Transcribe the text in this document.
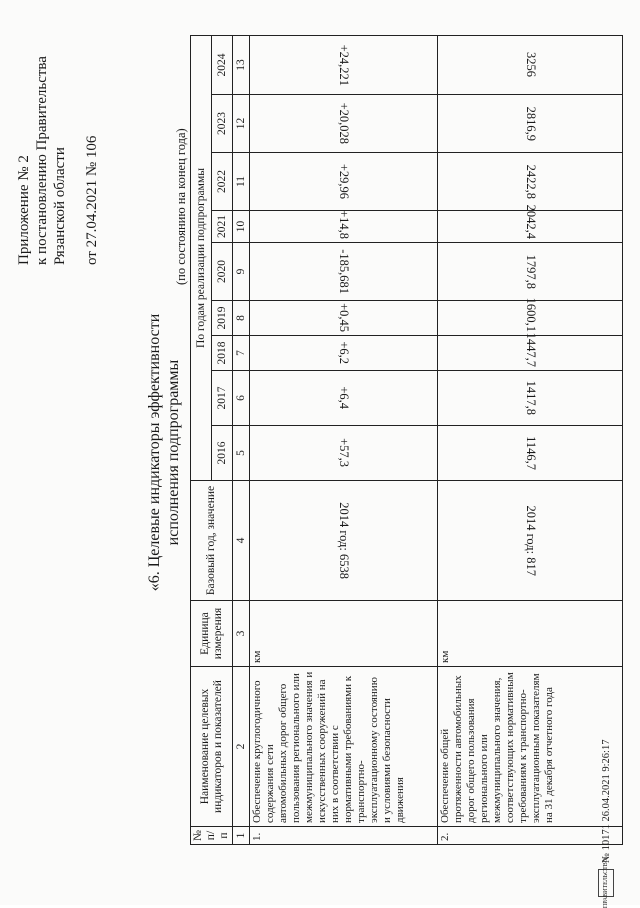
Приложение № 2 к постановлению Правительства Рязанской области от 27.04.2021 № 106
«6. Целевые индикаторы эффективности исполнения подпрограммы
(по состоянию на конец года)
№ п/п	Наименование целевых индикаторов и показателей	Единица измерения	Базовый год, значение	По годам реализации подпрограммы								
				2016	2017	2018	2019	2020	2021	2022	2023	2024
1	2	3	4	5	6	7	8	9	10	11	12	13
1.	Обеспечение круглогодичного содержания сети автомобильных дорог общего пользования регионального или межмуниципального значения и искусственных сооружений на них в соответствии с нормативными требованиями к транспортно-эксплуатационному состоянию и условиями безопасности движения	км	2014 год: 6538	+57,3	+6,4	+6,2	+0,45	-185,681	+14,8	+29,96	+20,028	+24,221
2.	Обеспечение общей протяженности автомобильных дорог общего пользования регионального или межмуниципального значения, соответствующих нормативным требованиям к транспортно-эксплуатационным показателям на 31 декабря отчетного года	км	2014 год: 817	1146,7	1417,8	1447,7	1600,1	1797,8	2042,4	2422,8	2816,9	3256
ПРАВИТЕЛЬСТВО
№ 10171 26.04.2021 9:26:17
